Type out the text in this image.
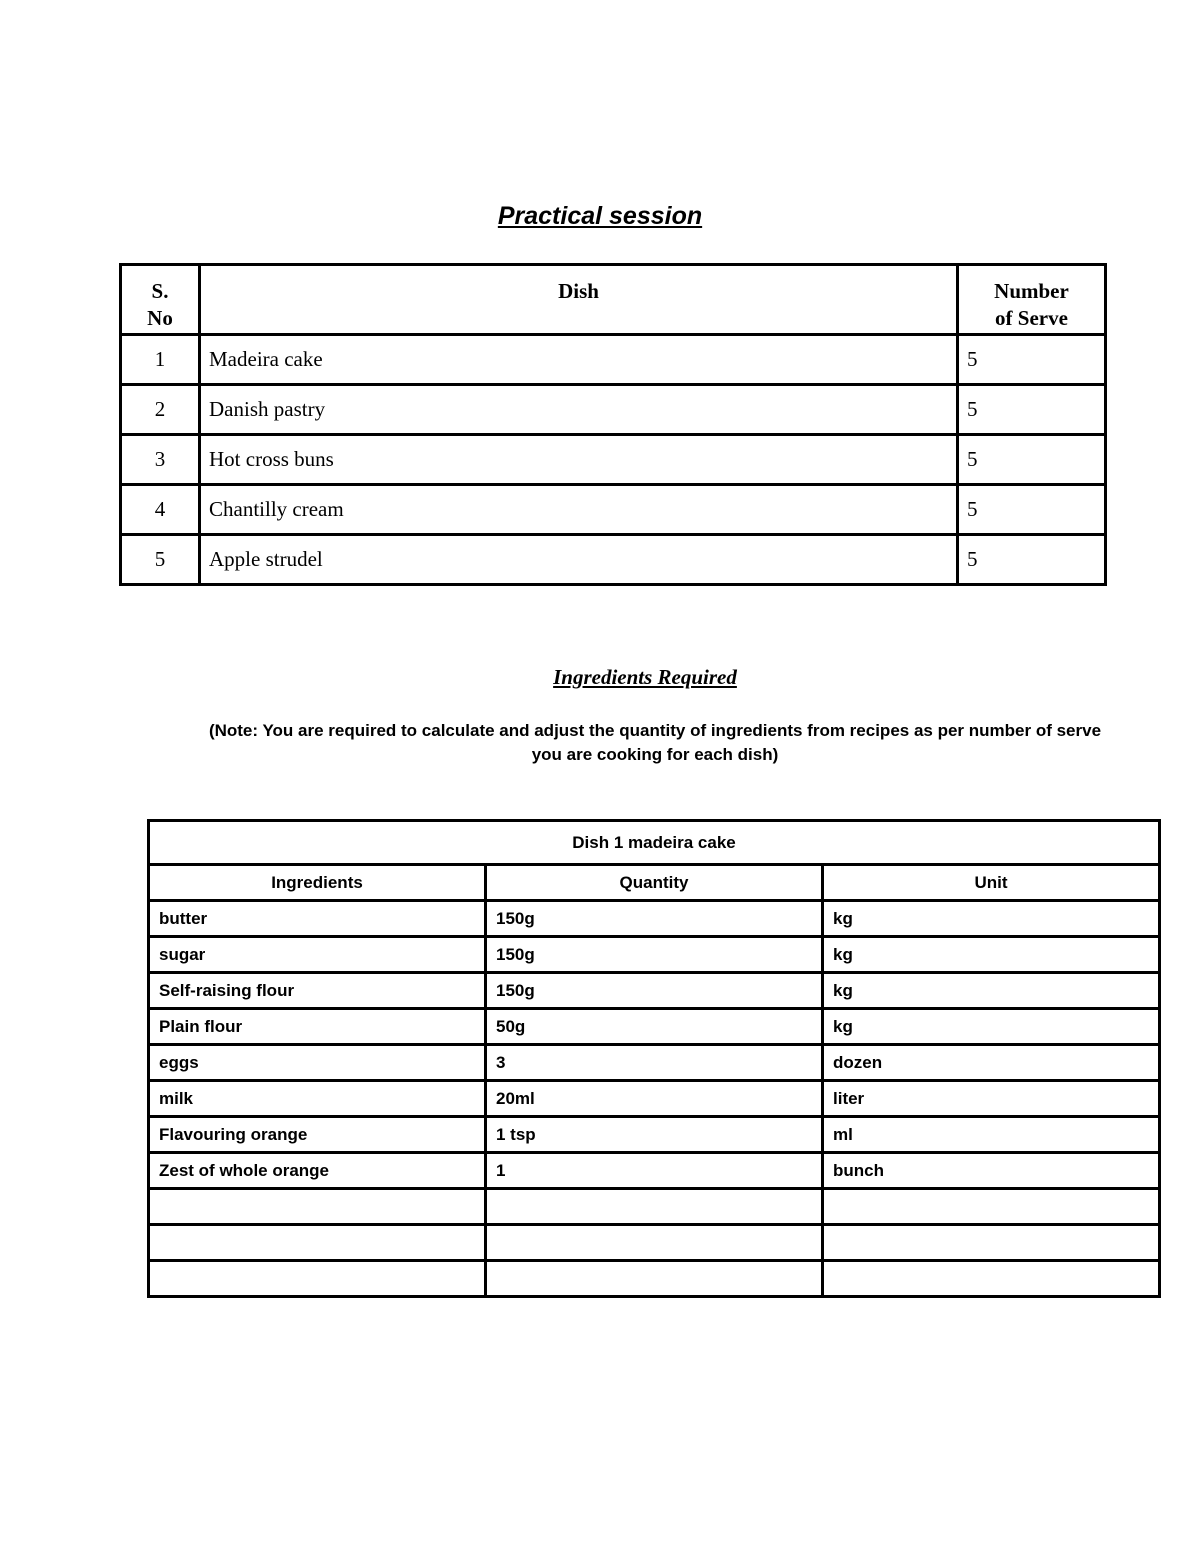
Practical session
S.
No	Dish	Number
of Serve
1	Madeira cake	5
2	Danish pastry	5
3	Hot cross buns	5
4	Chantilly cream	5
5	Apple strudel	5
Ingredients Required

(Note: You are required to calculate and adjust the quantity of ingredients from recipes as per number of serve
you are cooking for each dish)

Dish 1 madeira cake		
Ingredients	Quantity	Unit
butter	150g	kg
sugar	150g	kg
Self-raising flour	150g	kg
Plain flour	50g	kg
eggs	3	dozen
milk	20ml	liter
Flavouring orange	1 tsp	ml
Zest of whole orange	1	bunch
